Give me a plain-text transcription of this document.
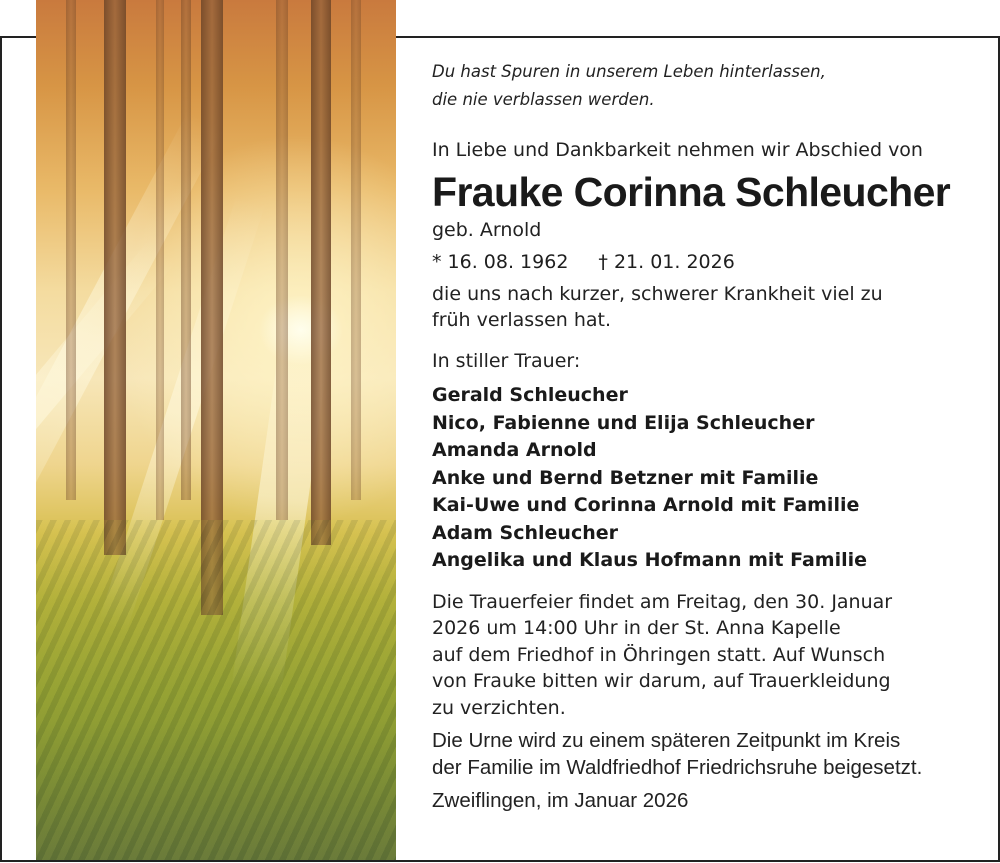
Du hast Spuren in unserem Leben hinterlassen,

die nie verblassen werden.

In Liebe und Dankbarkeit nehmen wir Abschied von
Frauke Corinna Schleucher
geb. Arnold
* 16. 08. 1962 † 21. 01. 2026
die uns nach kurzer, schwerer Krankheit viel zu
früh verlassen hat.
In stiller Trauer:
Gerald Schleucher
Nico, Fabienne und Elija Schleucher
Amanda Arnold
Anke und Bernd Betzner mit Familie
Kai-Uwe und Corinna Arnold mit Familie
Adam Schleucher
Angelika und Klaus Hofmann mit Familie
Die Trauerfeier findet am Freitag, den 30. Januar
2026 um 14:00 Uhr in der St. Anna Kapelle
auf dem Friedhof in Öhringen statt. Auf Wunsch
von Frauke bitten wir darum, auf Trauerkleidung
zu verzichten.
Die Urne wird zu einem späteren Zeitpunkt im Kreis
der Familie im Waldfriedhof Friedrichsruhe beigesetzt.
Zweiflingen, im Januar 2026
